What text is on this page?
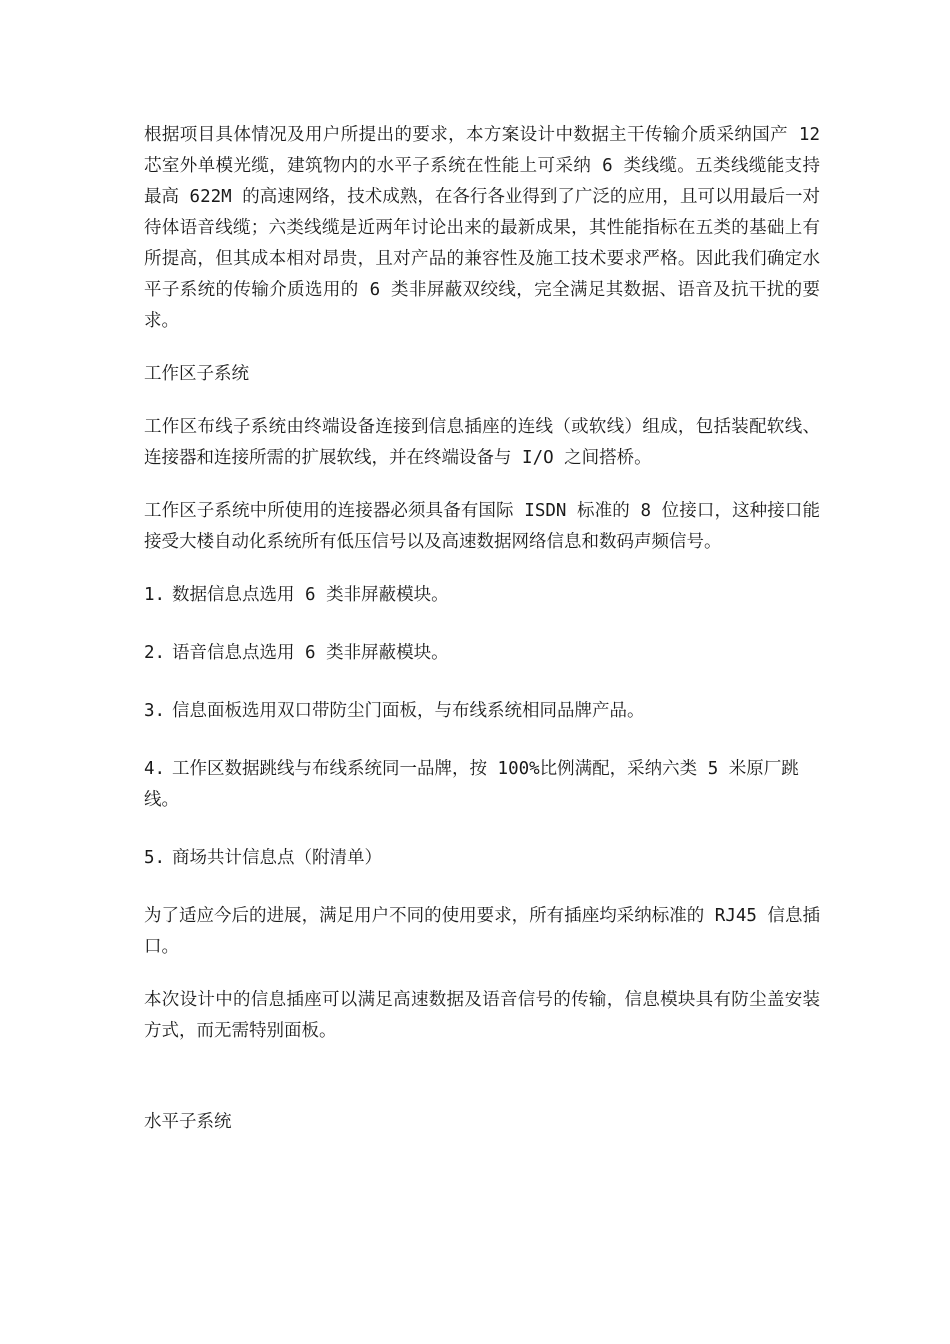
根据项目具体情况及用户所提出的要求，本方案设计中数据主干传输介质采纳国产 12 芯室外单模光缆，建筑物内的水平子系统在性能上可采纳 6 类线缆。五类线缆能支持最高 622M 的高速网络，技术成熟，在各行各业得到了广泛的应用，且可以用最后一对待体语音线缆；六类线缆是近两年讨论出来的最新成果，其性能指标在五类的基础上有所提高，但其成本相对昂贵，且对产品的兼容性及施工技术要求严格。因此我们确定水平子系统的传输介质选用的 6 类非屏蔽双绞线，完全满足其数据、语音及抗干扰的要求。

工作区子系统

工作区布线子系统由终端设备连接到信息插座的连线（或软线）组成，包括装配软线、连接器和连接所需的扩展软线，并在终端设备与 I/O 之间搭桥。

工作区子系统中所使用的连接器必须具备有国际 ISDN 标准的 8 位接口，这种接口能接受大楼自动化系统所有低压信号以及高速数据网络信息和数码声频信号。

1. 数据信息点选用 6 类非屏蔽模块。
2. 语音信息点选用 6 类非屏蔽模块。
3. 信息面板选用双口带防尘门面板，与布线系统相同品牌产品。
4. 工作区数据跳线与布线系统同一品牌，按 100%比例满配，采纳六类 5 米原厂跳线。
5. 商场共计信息点（附清单）

为了适应今后的进展，满足用户不同的使用要求，所有插座均采纳标准的 RJ45 信息插口。

本次设计中的信息插座可以满足高速数据及语音信号的传输，信息模块具有防尘盖安装方式，而无需特别面板。

水平子系统
